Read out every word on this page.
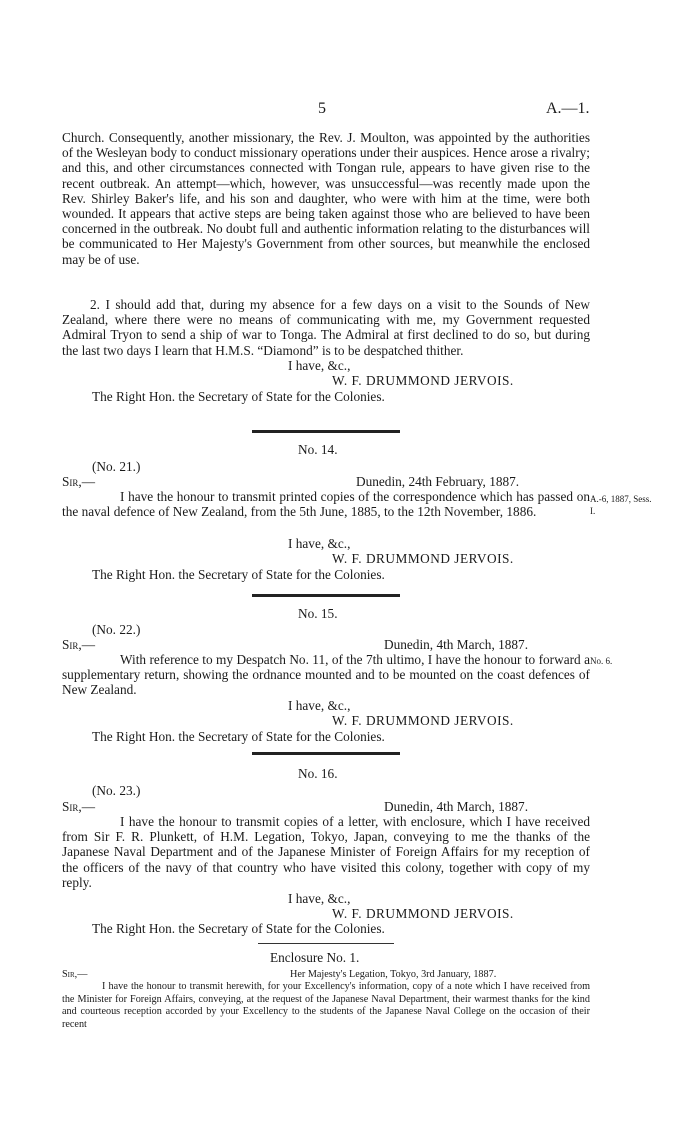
5	A.—1.

Church. Consequently, another missionary, the Rev. J. Moulton, was appointed by the authorities of the Wesleyan body to conduct missionary operations under their auspices. Hence arose a rivalry; and this, and other circumstances connected with Tongan rule, appears to have given rise to the recent outbreak. An attempt—which, however, was unsuccessful—was recently made upon the Rev. Shirley Baker's life, and his son and daughter, who were with him at the time, were both wounded. It appears that active steps are being taken against those who are believed to have been concerned in the outbreak. No doubt full and authentic information relating to the disturbances will be communicated to Her Majesty's Government from other sources, but meanwhile the enclosed may be of use.

2. I should add that, during my absence for a few days on a visit to the Sounds of New Zealand, where there were no means of communicating with me, my Government requested Admiral Tryon to send a ship of war to Tonga. The Admiral at first declined to do so, but during the last two days I learn that H.M.S. “Diamond” is to be despatched thither.

I have, &c.,
W. F. DRUMMOND JERVOIS.
The Right Hon. the Secretary of State for the Colonies.
No. 14.
(No. 21.)
Sir,—	Dunedin, 24th February, 1887.

I have the honour to transmit printed copies of the correspondence which has passed on the naval defence of New Zealand, from the 5th June, 1885, to the 12th November, 1886.

A.-6, 1887, Sess.
I.
I have, &c.,
W. F. DRUMMOND JERVOIS.
The Right Hon. the Secretary of State for the Colonies.
No. 15.
(No. 22.)
Sir,—	Dunedin, 4th March, 1887.

With reference to my Despatch No. 11, of the 7th ultimo, I have the honour to forward a supplementary return, showing the ordnance mounted and to be mounted on the coast defences of New Zealand.

No. 6.
I have, &c.,
W. F. DRUMMOND JERVOIS.
The Right Hon. the Secretary of State for the Colonies.
No. 16.
(No. 23.)
Sir,—	Dunedin, 4th March, 1887.

I have the honour to transmit copies of a letter, with enclosure, which I have received from Sir F. R. Plunkett, of H.M. Legation, Tokyo, Japan, conveying to me the thanks of the Japanese Naval Department and of the Japanese Minister of Foreign Affairs for my reception of the officers of the navy of that country who have visited this colony, together with copy of my reply.

I have, &c.,
W. F. DRUMMOND JERVOIS.
The Right Hon. the Secretary of State for the Colonies.
Enclosure No. 1.
Sir,—	Her Majesty's Legation, Tokyo, 3rd January, 1887.

I have the honour to transmit herewith, for your Excellency's information, copy of a note which I have received from the Minister for Foreign Affairs, conveying, at the request of the Japanese Naval Department, their warmest thanks for the kind and courteous reception accorded by your Excellency to the students of the Japanese Naval College on the occasion of their recent
